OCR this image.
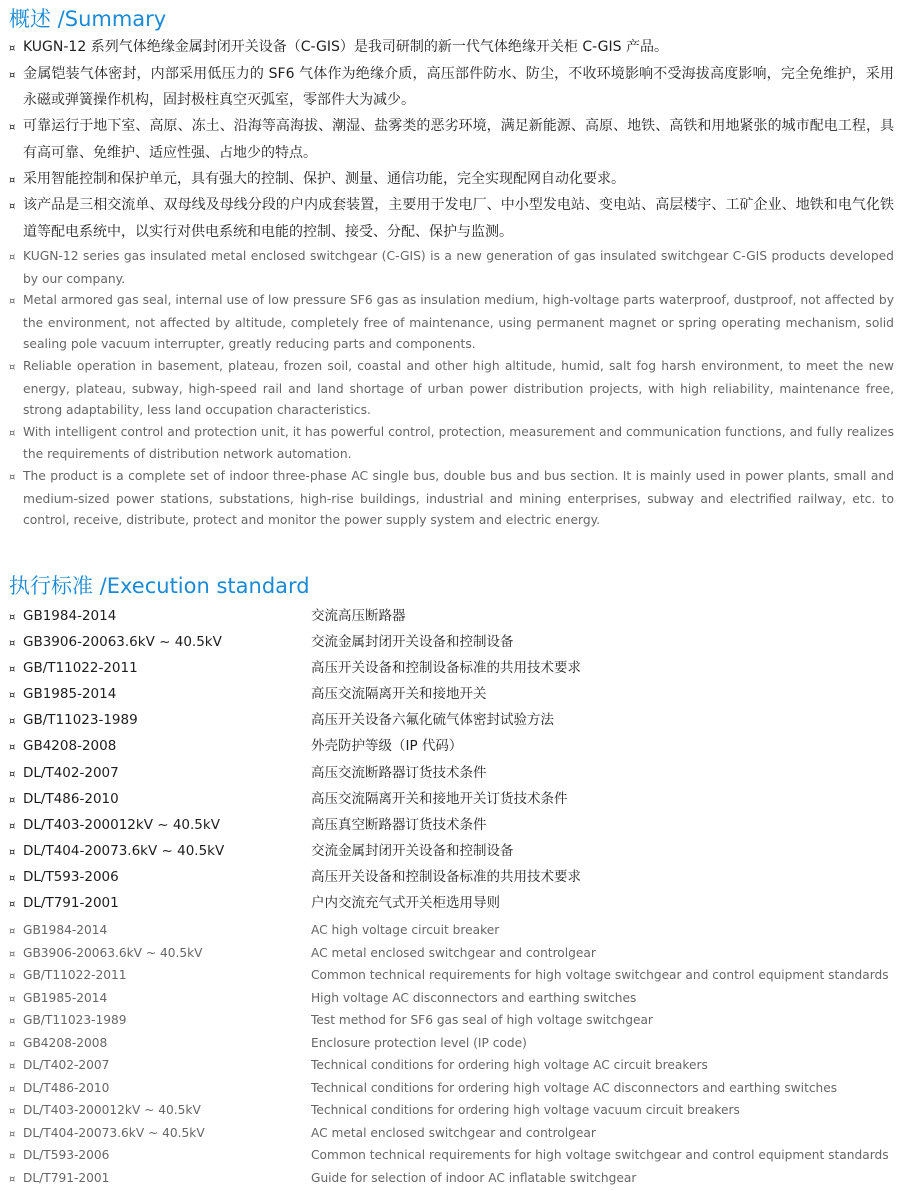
概述 /Summary

¤ KUGN-12 系列气体绝缘金属封闭开关设备（C-GIS）是我司研制的新一代气体绝缘开关柜 C-GIS 产品。

¤ 金属铠装气体密封，内部采用低压力的 SF6 气体作为绝缘介质，高压部件防水、防尘，不收环境影响不受海拔高度影响，完全免维护，采用永磁或弹簧操作机构，固封极柱真空灭弧室，零部件大为减少。

¤ 可靠运行于地下室、高原、冻土、沿海等高海拔、潮湿、盐雾类的恶劣环境，满足新能源、高原、地铁、高铁和用地紧张的城市配电工程，具有高可靠、免维护、适应性强、占地少的特点。

¤ 采用智能控制和保护单元，具有强大的控制、保护、测量、通信功能，完全实现配网自动化要求。

¤ 该产品是三相交流单、双母线及母线分段的户内成套装置，主要用于发电厂、中小型发电站、变电站、高层楼宇、工矿企业、地铁和电气化铁道等配电系统中，以实行对供电系统和电能的控制、接受、分配、保护与监测。

¤ KUGN-12 series gas insulated metal enclosed switchgear (C-GIS) is a new generation of gas insulated switchgear C-GIS products developed by our company.

¤ Metal armored gas seal, internal use of low pressure SF6 gas as insulation medium, high-voltage parts waterproof, dustproof, not affected by the environment, not affected by altitude, completely free of maintenance, using permanent magnet or spring operating mechanism, solid sealing pole vacuum interrupter, greatly reducing parts and components.

¤ Reliable operation in basement, plateau, frozen soil, coastal and other high altitude, humid, salt fog harsh environment, to meet the new energy, plateau, subway, high-speed rail and land shortage of urban power distribution projects, with high reliability, maintenance free, strong adaptability, less land occupation characteristics.

¤ With intelligent control and protection unit, it has powerful control, protection, measurement and communication functions, and fully realizes the requirements of distribution network automation.

¤ The product is a complete set of indoor three-phase AC single bus, double bus and bus section. It is mainly used in power plants, small and medium-sized power stations, substations, high-rise buildings, industrial and mining enterprises, subway and electrified railway, etc. to control, receive, distribute, protect and monitor the power supply system and electric energy.

执行标准 /Execution standard
¤ GB1984-2014	交流高压断路器
¤ GB3906-20063.6kV ~ 40.5kV	交流金属封闭开关设备和控制设备
¤ GB/T11022-2011	高压开关设备和控制设备标准的共用技术要求
¤ GB1985-2014	高压交流隔离开关和接地开关
¤ GB/T11023-1989	高压开关设备六氟化硫气体密封试验方法
¤ GB4208-2008	外壳防护等级（IP 代码）
¤ DL/T402-2007	高压交流断路器订货技术条件
¤ DL/T486-2010	高压交流隔离开关和接地开关订货技术条件
¤ DL/T403-200012kV ~ 40.5kV	高压真空断路器订货技术条件
¤ DL/T404-20073.6kV ~ 40.5kV	交流金属封闭开关设备和控制设备
¤ DL/T593-2006	高压开关设备和控制设备标准的共用技术要求
¤ DL/T791-2001	户内交流充气式开关柜选用导则
¤ GB1984-2014	AC high voltage circuit breaker
¤ GB3906-20063.6kV ~ 40.5kV	AC metal enclosed switchgear and controlgear
¤ GB/T11022-2011	Common technical requirements for high voltage switchgear and control equipment standards
¤ GB1985-2014	High voltage AC disconnectors and earthing switches
¤ GB/T11023-1989	Test method for SF6 gas seal of high voltage switchgear
¤ GB4208-2008	Enclosure protection level (IP code)
¤ DL/T402-2007	Technical conditions for ordering high voltage AC circuit breakers
¤ DL/T486-2010	Technical conditions for ordering high voltage AC disconnectors and earthing switches
¤ DL/T403-200012kV ~ 40.5kV	Technical conditions for ordering high voltage vacuum circuit breakers
¤ DL/T404-20073.6kV ~ 40.5kV	AC metal enclosed switchgear and controlgear
¤ DL/T593-2006	Common technical requirements for high voltage switchgear and control equipment standards
¤ DL/T791-2001	Guide for selection of indoor AC inflatable switchgear
